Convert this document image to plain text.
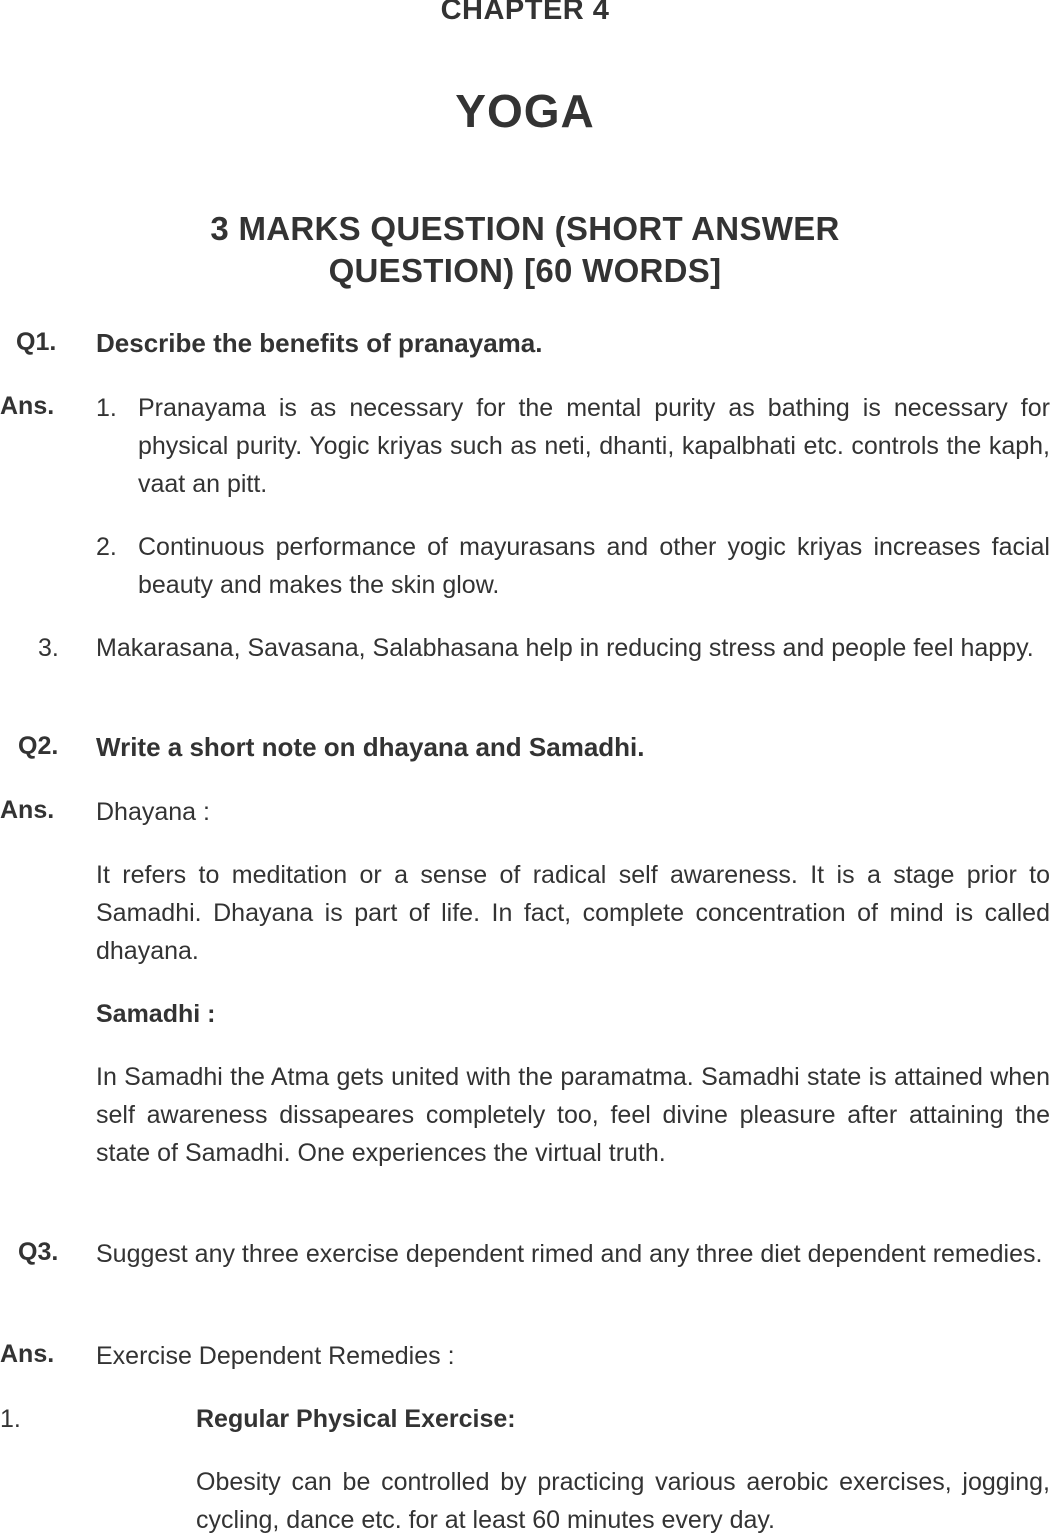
CHAPTER 4
YOGA
3 MARKS QUESTION (SHORT ANSWER
QUESTION) [60 WORDS]
Q1. Describe the benefits of pranayama.
Ans. 1. Pranayama is as necessary for the mental purity as bathing is necessary for physical purity. Yogic kriyas such as neti, dhanti, kapalbhati etc. controls the kaph, vaat an pitt.
2. Continuous performance of mayurasans and other yogic kriyas increases facial beauty and makes the skin glow.
3. Makarasana, Savasana, Salabhasana help in reducing stress and people feel happy.
Q2. Write a short note on dhayana and Samadhi.
Ans. Dhayana :
It refers to meditation or a sense of radical self awareness. It is a stage prior to Samadhi. Dhayana is part of life. In fact, complete concentration of mind is called dhayana.
Samadhi :
In Samadhi the Atma gets united with the paramatma. Samadhi state is attained when self awareness dissapeares completely too, feel divine pleasure after attaining the state of Samadhi. One experiences the virtual truth.
Q3. Suggest any three exercise dependent rimed and any three diet dependent remedies.
Ans. Exercise Dependent Remedies :
1.	Regular Physical Exercise:
Obesity can be controlled by practicing various aerobic exercises, jogging, cycling, dance etc. for at least 60 minutes every day.
